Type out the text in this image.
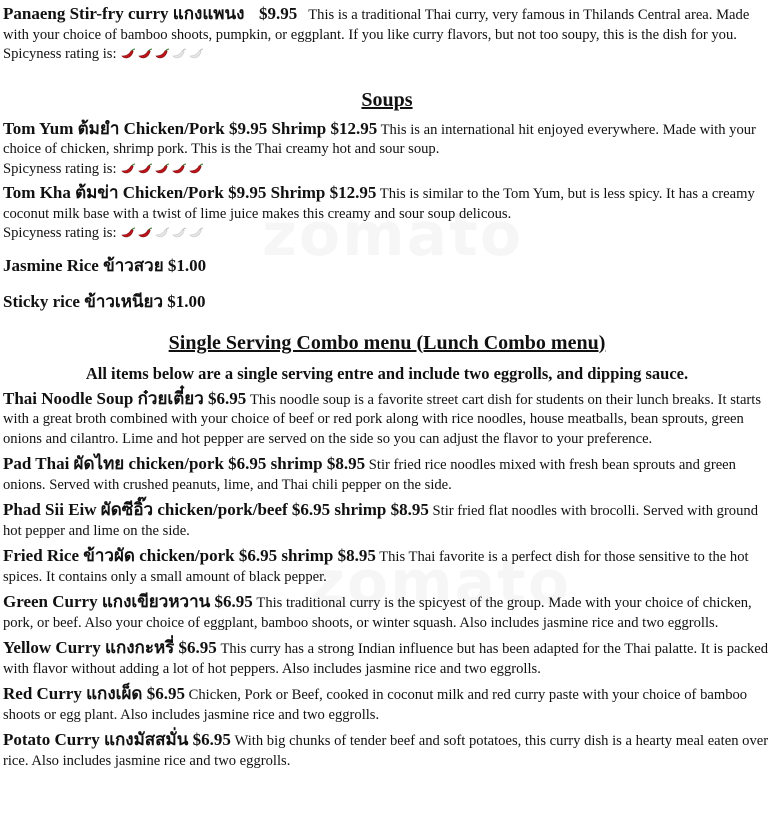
Panaeng Stir-fry curry แกงแพนง $9.95 This is a traditional Thai curry, very famous in Thilands Central area. Made with your choice of bamboo shoots, pumpkin, or eggplant. If you like curry flavors, but not too soupy, this is the dish for you. Spicyness rating is:

Soups

Tom Yum ต้มยำ Chicken/Pork $9.95 Shrimp $12.95 This is an international hit enjoyed everywhere. Made with your choice of chicken, shrimp pork. This is the Thai creamy hot and sour soup.
Spicyness rating is:

Tom Kha ต้มข่า Chicken/Pork $9.95 Shrimp $12.95 This is similar to the Tom Yum, but is less spicy. It has a creamy coconut milk base with a twist of lime juice makes this creamy and sour soup delicous.
Spicyness rating is:

Jasmine Rice ข้าวสวย $1.00

Sticky rice ข้าวเหนียว $1.00

Single Serving Combo menu (Lunch Combo menu)

All items below are a single serving entre and include two eggrolls, and dipping sauce.

Thai Noodle Soup ก๋วยเตี๋ยว $6.95 This noodle soup is a favorite street cart dish for students on their lunch breaks. It starts with a great broth combined with your choice of beef or red pork along with rice noodles, house meatballs, bean sprouts, green onions and cilantro. Lime and hot pepper are served on the side so you can adjust the flavor to your preference.

Pad Thai ผัดไทย chicken/pork $6.95 shrimp $8.95 Stir fried rice noodles mixed with fresh bean sprouts and green onions. Served with crushed peanuts, lime, and Thai chili pepper on the side.

Phad Sii Eiw ผัดซีอิ๊ว chicken/pork/beef $6.95 shrimp $8.95 Stir fried flat noodles with brocolli. Served with ground hot pepper and lime on the side.

Fried Rice ข้าวผัด chicken/pork $6.95 shrimp $8.95 This Thai favorite is a perfect dish for those sensitive to the hot spices. It contains only a small amount of black pepper.

Green Curry แกงเขียวหวาน $6.95 This traditional curry is the spicyest of the group. Made with your choice of chicken, pork, or beef. Also your choice of eggplant, bamboo shoots, or winter squash. Also includes jasmine rice and two eggrolls.

Yellow Curry แกงกะหรี่ $6.95 This curry has a strong Indian influence but has been adapted for the Thai palatte. It is packed with flavor without adding a lot of hot peppers. Also includes jasmine rice and two eggrolls.

Red Curry แกงเผ็ด $6.95 Chicken, Pork or Beef, cooked in coconut milk and red curry paste with your choice of bamboo shoots or egg plant. Also includes jasmine rice and two eggrolls.

Potato Curry แกงมัสสมั่น $6.95 With big chunks of tender beef and soft potatoes, this curry dish is a hearty meal eaten over rice. Also includes jasmine rice and two eggrolls.
